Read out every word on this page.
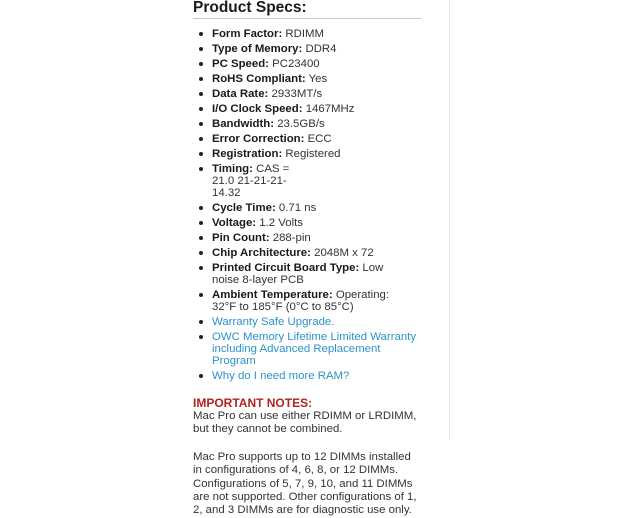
Product Specs:
Form Factor: RDIMM
Type of Memory: DDR4
PC Speed: PC23400
RoHS Compliant: Yes
Data Rate: 2933MT/s
I/O Clock Speed: 1467MHz
Bandwidth: 23.5GB/s
Error Correction: ECC
Registration: Registered
Timing: CAS = 21.0 21-21-21-14.32
Cycle Time: 0.71 ns
Voltage: 1.2 Volts
Pin Count: 288-pin
Chip Architecture: 2048M x 72
Printed Circuit Board Type: Low noise 8-layer PCB
Ambient Temperature: Operating: 32°F to 185°F (0°C to 85°C)
Warranty Safe Upgrade.
OWC Memory Lifetime Limited Warranty including Advanced Replacement Program
Why do I need more RAM?
IMPORTANT NOTES:

Mac Pro can use either RDIMM or LRDIMM, but they cannot be combined.

Mac Pro supports up to 12 DIMMs installed in configurations of 4, 6, 8, or 12 DIMMs. Configurations of 5, 7, 9, 10, and 11 DIMMs are not supported. Other configurations of 1, 2, and 3 DIMMs are for diagnostic use only.
